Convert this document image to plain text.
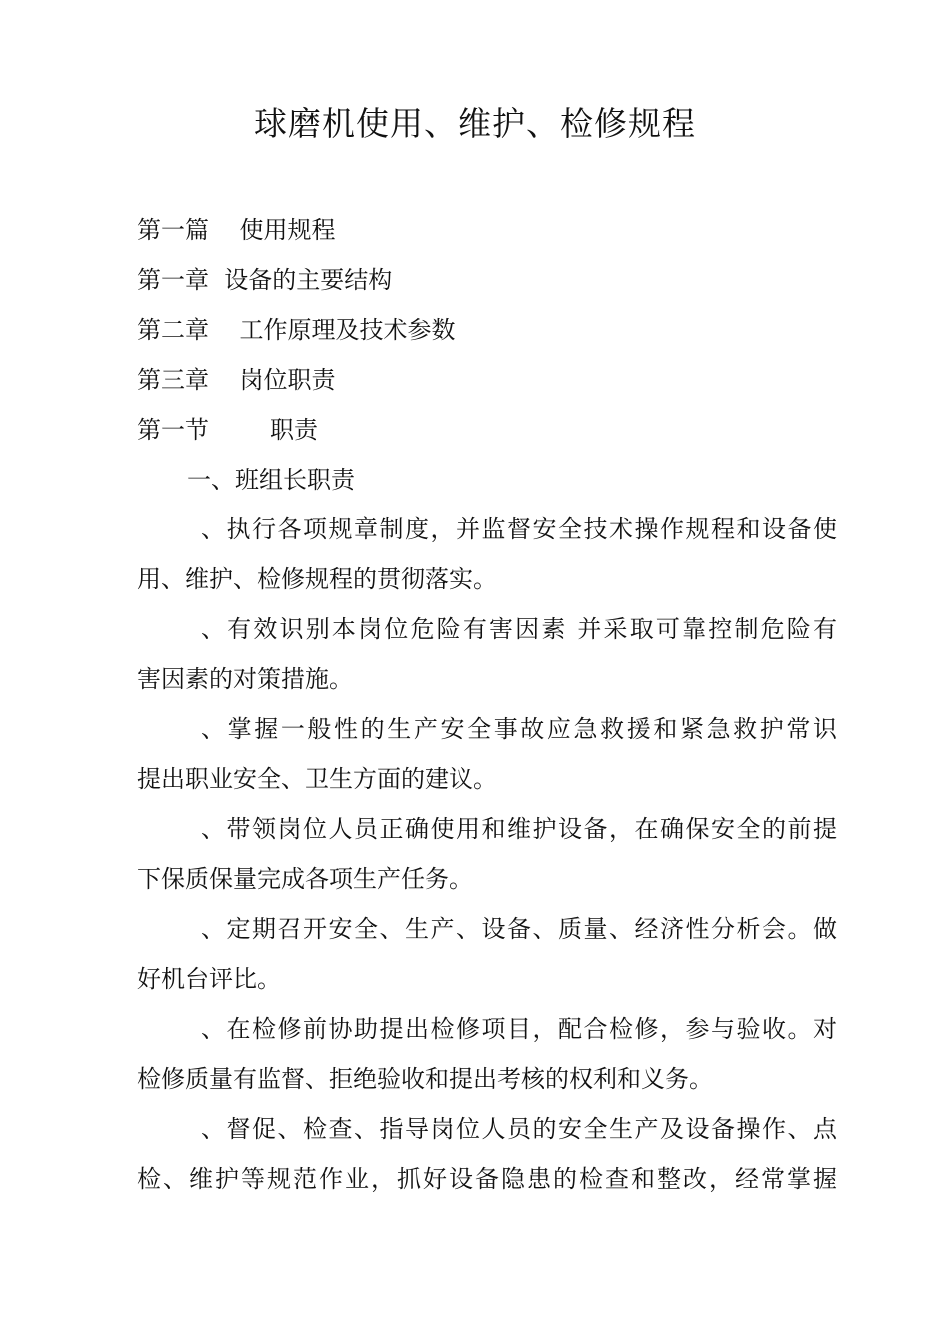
球磨机使用、维护、检修规程
第一篇    使用规程
第一章  设备的主要结构
第二章    工作原理及技术参数
第三章    岗位职责
第一节        职责
一、班组长职责
、执行各项规章制度，并监督安全技术操作规程和设备使
用、维护、检修规程的贯彻落实。
、有效识别本岗位危险有害因素 并采取可靠控制危险有
害因素的对策措施。
、掌握一般性的生产安全事故应急救援和紧急救护常识
提出职业安全、卫生方面的建议。
、带领岗位人员正确使用和维护设备，在确保安全的前提
下保质保量完成各项生产任务。
、定期召开安全、生产、设备、质量、经济性分析会。做
好机台评比。
、在检修前协助提出检修项目，配合检修，参与验收。对
检修质量有监督、拒绝验收和提出考核的权利和义务。
、督促、检查、指导岗位人员的安全生产及设备操作、点
检、维护等规范作业，抓好设备隐患的检查和整改，经常掌握
